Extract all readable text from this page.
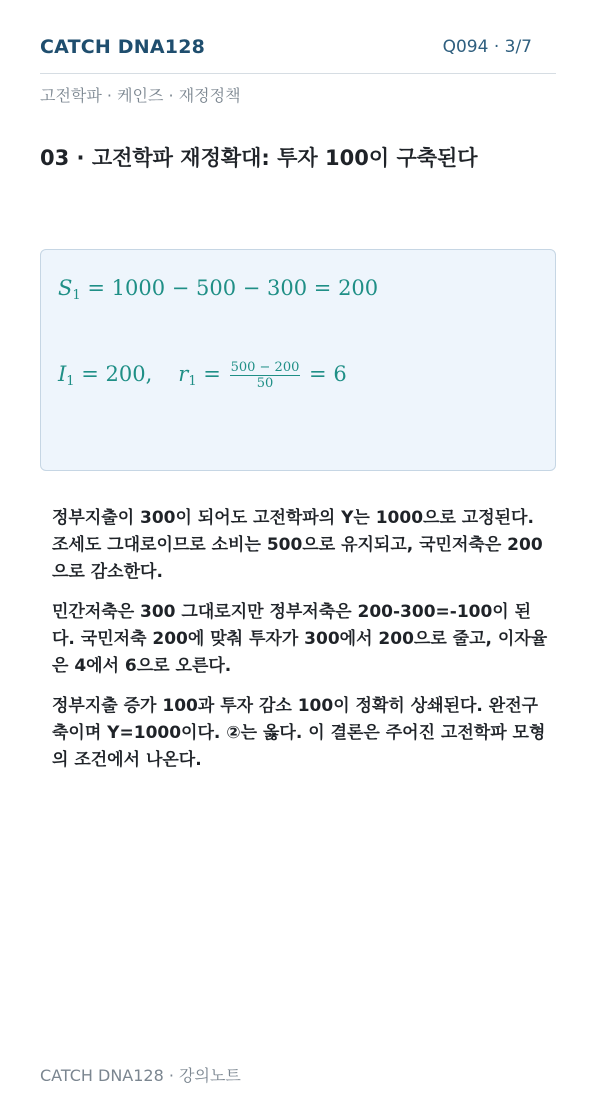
CATCH DNA128	Q094 · 3/7
고전학파 · 케인즈 · 재정정책
03 · 고전학파 재정확대: 투자 100이 구축된다
$S_1 = 1000 - 500 - 300 = 200$
$I_1 = 200$, $r_1 = \frac{500 - 200}{50} = 6$

정부지출이 300이 되어도 고전학파의 Y는 1000으로 고정된다. 조세도 그대로이므로 소비는 500으로 유지되고, 국민저축은 200으로 감소한다.

민간저축은 300 그대로지만 정부저축은 200-300=-100이 된다. 국민저축 200에 맞춰 투자가 300에서 200으로 줄고, 이자율은 4에서 6으로 오른다.

정부지출 증가 100과 투자 감소 100이 정확히 상쇄된다. 완전구축이며 Y=1000이다. ②는 옳다. 이 결론은 주어진 고전학파 모형의 조건에서 나온다.

CATCH DNA128 · 강의노트
